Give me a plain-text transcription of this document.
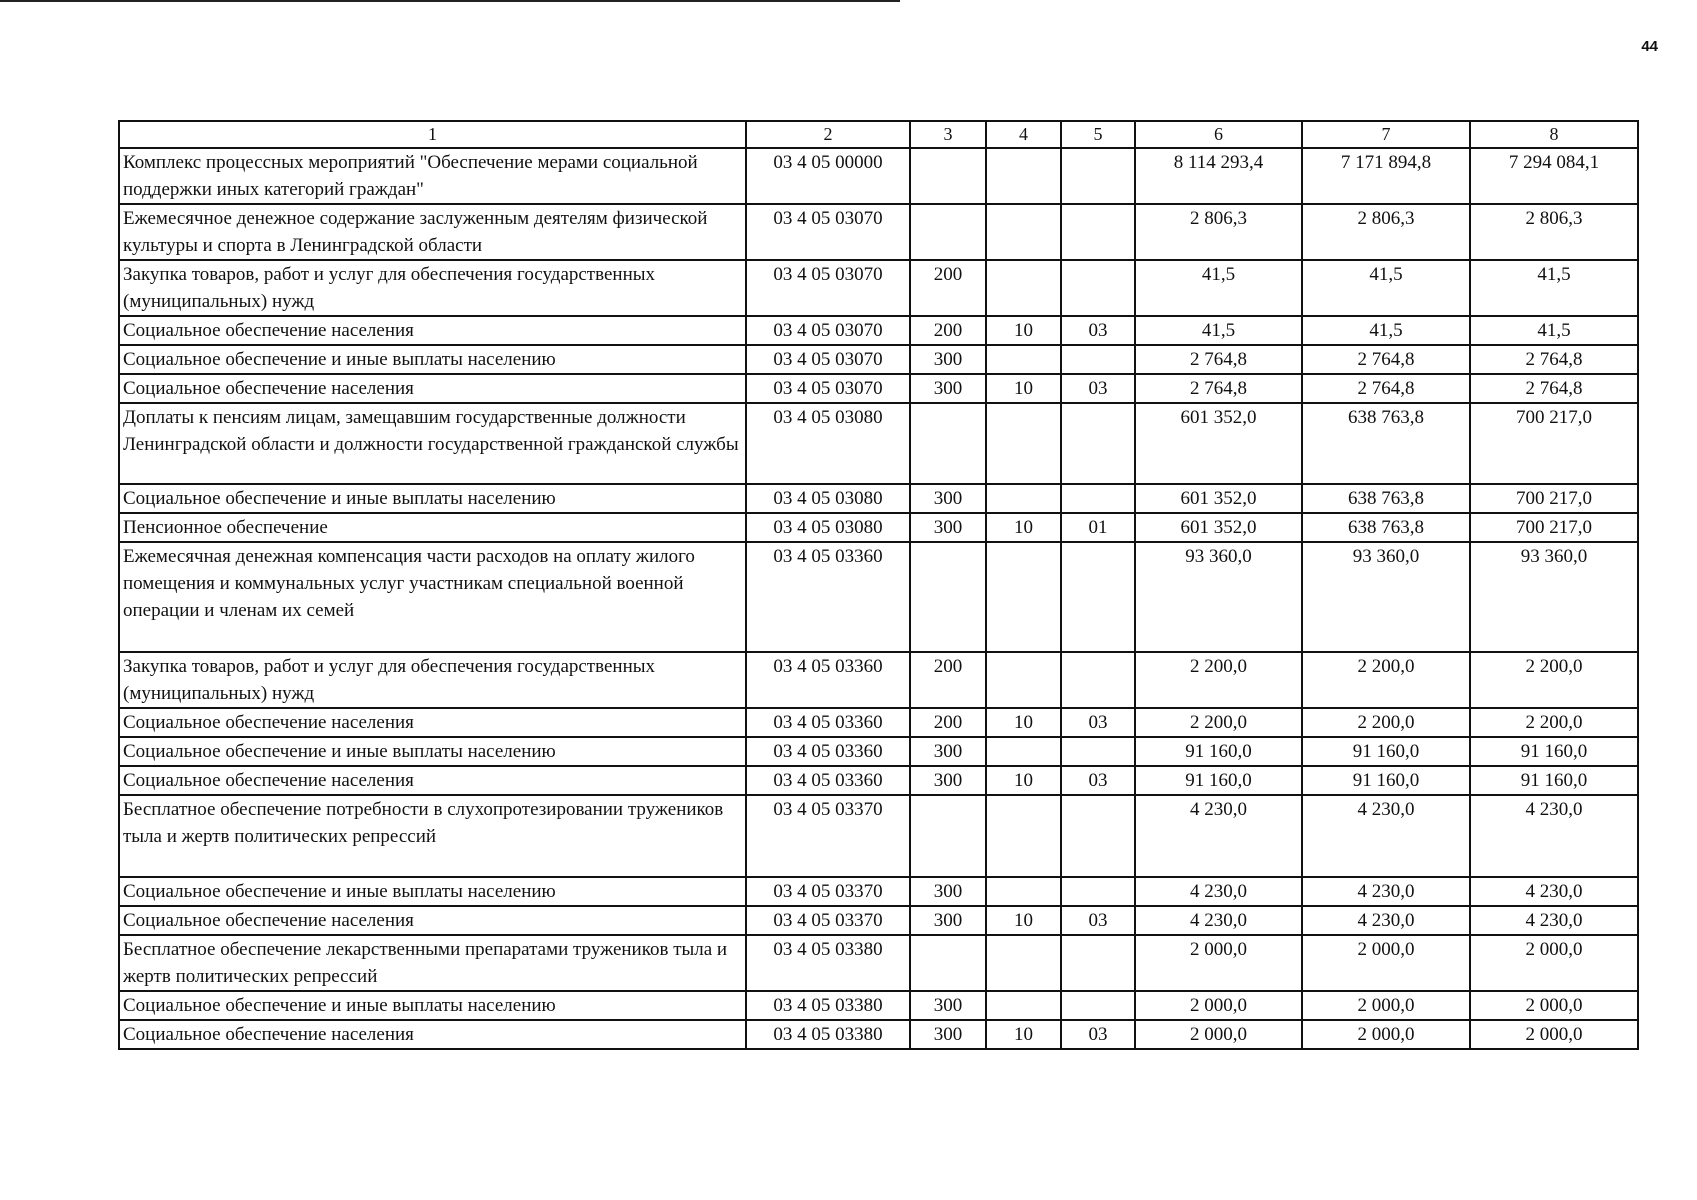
44
1	2	3	4	5	6	7	8
Комплекс процессных мероприятий "Обеспечение мерами социальной поддержки иных категорий граждан"	03 4 05 00000				8 114 293,4	7 171 894,8	7 294 084,1
Ежемесячное денежное содержание заслуженным деятелям физической культуры и спорта в Ленинградской области	03 4 05 03070				2 806,3	2 806,3	2 806,3
Закупка товаров, работ и услуг для обеспечения государственных (муниципальных) нужд	03 4 05 03070	200			41,5	41,5	41,5
Социальное обеспечение населения	03 4 05 03070	200	10	03	41,5	41,5	41,5
Социальное обеспечение и иные выплаты населению	03 4 05 03070	300			2 764,8	2 764,8	2 764,8
Социальное обеспечение населения	03 4 05 03070	300	10	03	2 764,8	2 764,8	2 764,8
Доплаты к пенсиям лицам, замещавшим государственные должности Ленинградской области и должности государственной гражданской службы	03 4 05 03080				601 352,0	638 763,8	700 217,0
Социальное обеспечение и иные выплаты населению	03 4 05 03080	300			601 352,0	638 763,8	700 217,0
Пенсионное обеспечение	03 4 05 03080	300	10	01	601 352,0	638 763,8	700 217,0
Ежемесячная денежная компенсация части расходов на оплату жилого помещения и коммунальных услуг участникам специальной военной операции и членам их семей	03 4 05 03360				93 360,0	93 360,0	93 360,0
Закупка товаров, работ и услуг для обеспечения государственных (муниципальных) нужд	03 4 05 03360	200			2 200,0	2 200,0	2 200,0
Социальное обеспечение населения	03 4 05 03360	200	10	03	2 200,0	2 200,0	2 200,0
Социальное обеспечение и иные выплаты населению	03 4 05 03360	300			91 160,0	91 160,0	91 160,0
Социальное обеспечение населения	03 4 05 03360	300	10	03	91 160,0	91 160,0	91 160,0
Бесплатное обеспечение потребности в слухопротезировании тружеников тыла и жертв политических репрессий	03 4 05 03370				4 230,0	4 230,0	4 230,0
Социальное обеспечение и иные выплаты населению	03 4 05 03370	300			4 230,0	4 230,0	4 230,0
Социальное обеспечение населения	03 4 05 03370	300	10	03	4 230,0	4 230,0	4 230,0
Бесплатное обеспечение лекарственными препаратами тружеников тыла и жертв политических репрессий	03 4 05 03380				2 000,0	2 000,0	2 000,0
Социальное обеспечение и иные выплаты населению	03 4 05 03380	300			2 000,0	2 000,0	2 000,0
Социальное обеспечение населения	03 4 05 03380	300	10	03	2 000,0	2 000,0	2 000,0
